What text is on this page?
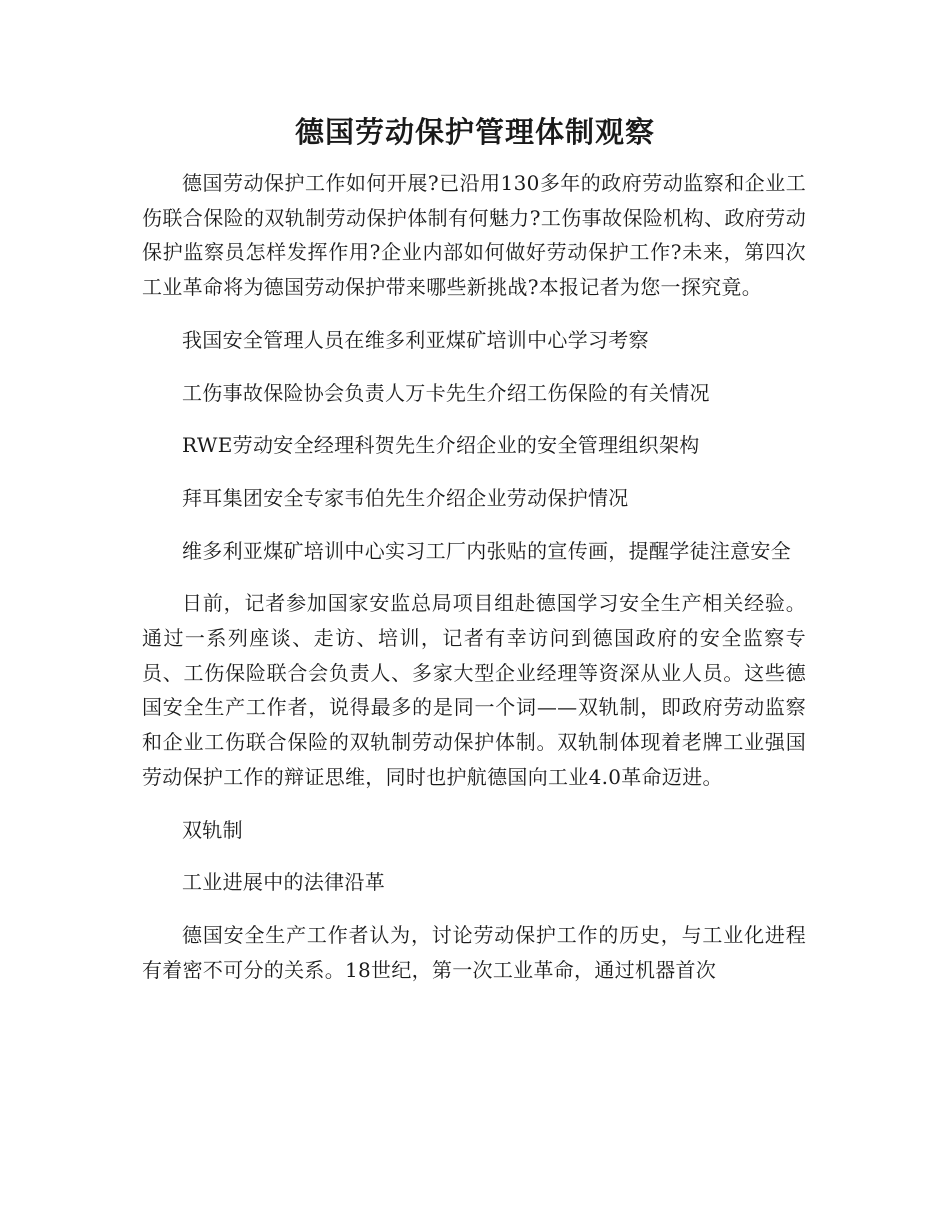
德国劳动保护管理体制观察

德国劳动保护工作如何开展?已沿用130多年的政府劳动监察和企业工伤联合保险的双轨制劳动保护体制有何魅力?工伤事故保险机构、政府劳动保护监察员怎样发挥作用?企业内部如何做好劳动保护工作?未来，第四次工业革命将为德国劳动保护带来哪些新挑战?本报记者为您一探究竟。

我国安全管理人员在维多利亚煤矿培训中心学习考察

工伤事故保险协会负责人万卡先生介绍工伤保险的有关情况

RWE劳动安全经理科贺先生介绍企业的安全管理组织架构

拜耳集团安全专家韦伯先生介绍企业劳动保护情况

维多利亚煤矿培训中心实习工厂内张贴的宣传画，提醒学徒注意安全

日前，记者参加国家安监总局项目组赴德国学习安全生产相关经验。通过一系列座谈、走访、培训，记者有幸访问到德国政府的安全监察专员、工伤保险联合会负责人、多家大型企业经理等资深从业人员。这些德国安全生产工作者，说得最多的是同一个词——双轨制，即政府劳动监察和企业工伤联合保险的双轨制劳动保护体制。双轨制体现着老牌工业强国劳动保护工作的辩证思维，同时也护航德国向工业4.0革命迈进。

双轨制

工业进展中的法律沿革

德国安全生产工作者认为，讨论劳动保护工作的历史，与工业化进程有着密不可分的关系。18世纪，第一次工业革命，通过机器首次
